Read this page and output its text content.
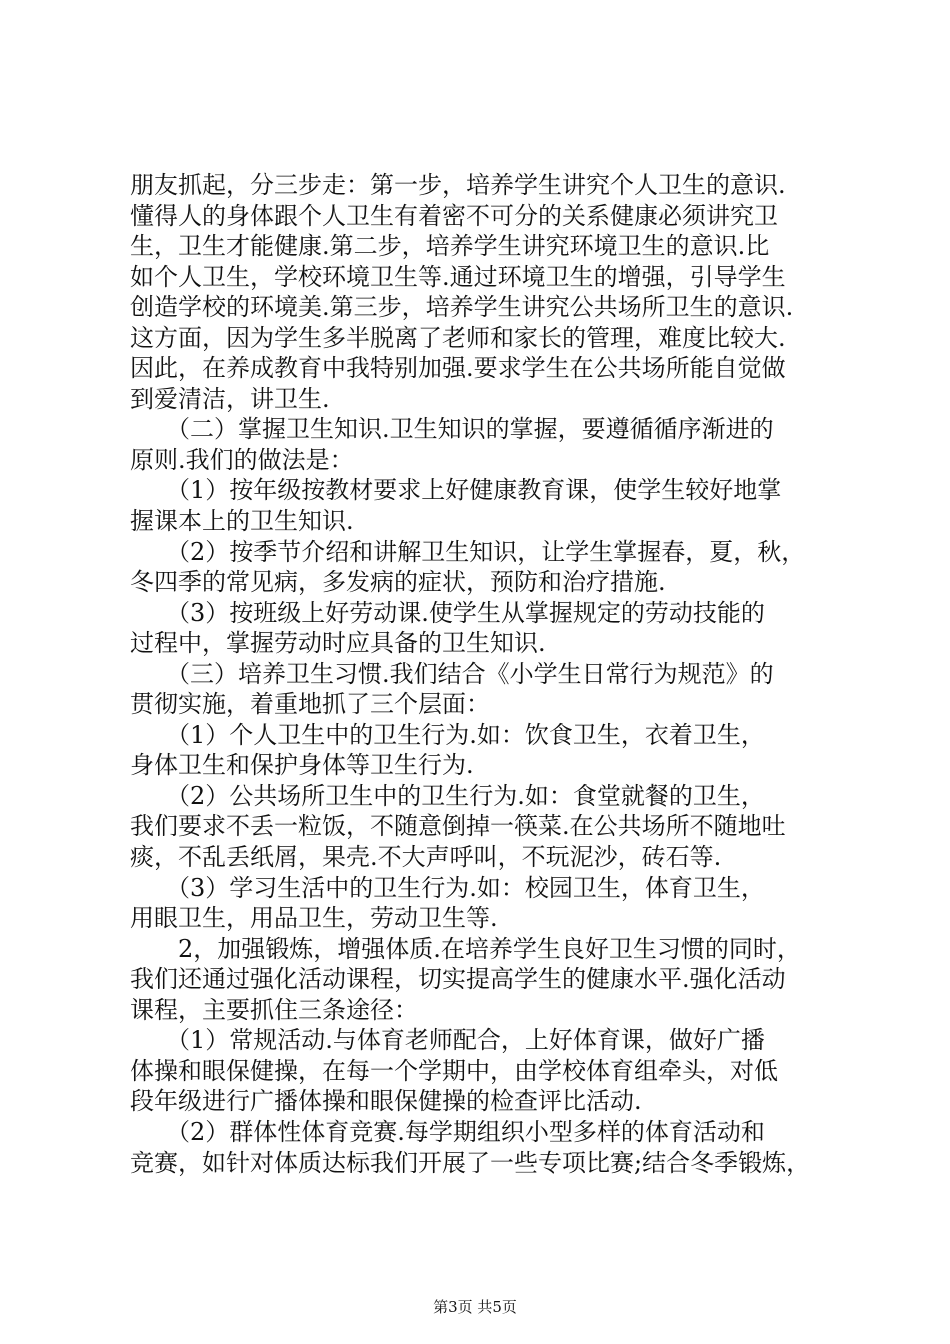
朋友抓起，分三步走：第一步，培养学生讲究个人卫生的意识.
懂得人的身体跟个人卫生有着密不可分的关系健康必须讲究卫
生，卫生才能健康.第二步，培养学生讲究环境卫生的意识.比
如个人卫生，学校环境卫生等.通过环境卫生的增强，引导学生
创造学校的环境美.第三步，培养学生讲究公共场所卫生的意识.
这方面，因为学生多半脱离了老师和家长的管理，难度比较大.
因此，在养成教育中我特别加强.要求学生在公共场所能自觉做
到爱清洁，讲卫生.
　　（二）掌握卫生知识.卫生知识的掌握，要遵循循序渐进的
原则.我们的做法是：
　　（1）按年级按教材要求上好健康教育课，使学生较好地掌
握课本上的卫生知识.
　　（2）按季节介绍和讲解卫生知识，让学生掌握春，夏，秋，
冬四季的常见病，多发病的症状，预防和治疗措施.
　　（3）按班级上好劳动课.使学生从掌握规定的劳动技能的
过程中，掌握劳动时应具备的卫生知识.
　　（三）培养卫生习惯.我们结合《小学生日常行为规范》的
贯彻实施，着重地抓了三个层面：
　　（1）个人卫生中的卫生行为.如：饮食卫生，衣着卫生，
身体卫生和保护身体等卫生行为.
　　（2）公共场所卫生中的卫生行为.如：食堂就餐的卫生，
我们要求不丢一粒饭，不随意倒掉一筷菜.在公共场所不随地吐
痰，不乱丢纸屑，果壳.不大声呼叫，不玩泥沙，砖石等.
　　（3）学习生活中的卫生行为.如：校园卫生，体育卫生，
用眼卫生，用品卫生，劳动卫生等.
　　2，加强锻炼，增强体质.在培养学生良好卫生习惯的同时，
我们还通过强化活动课程，切实提高学生的健康水平.强化活动
课程，主要抓住三条途径：
　　（1）常规活动.与体育老师配合，上好体育课，做好广播
体操和眼保健操，在每一个学期中，由学校体育组牵头，对低
段年级进行广播体操和眼保健操的检查评比活动.
　　（2）群体性体育竞赛.每学期组织小型多样的体育活动和
竞赛，如针对体质达标我们开展了一些专项比赛;结合冬季锻炼，
第3页 共5页
